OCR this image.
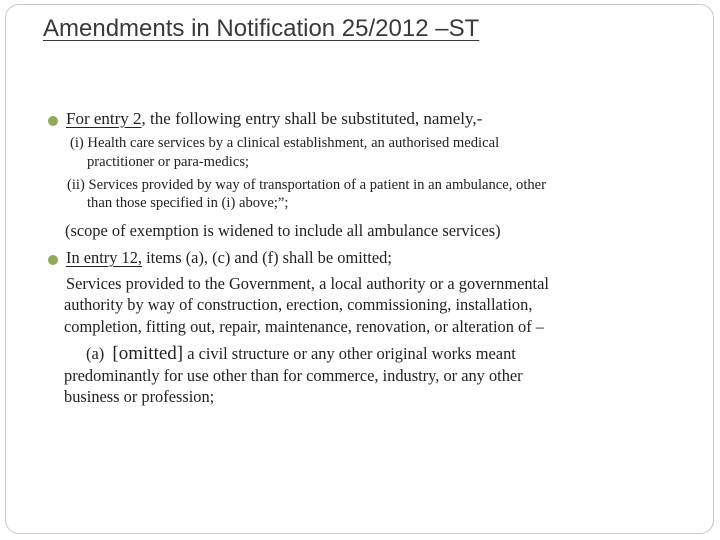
Amendments in Notification 25/2012 –ST
For entry 2, the following entry shall be substituted, namely,-
(i) Health care services by a clinical establishment, an authorised medical
practitioner or para-medics;
(ii) Services provided by way of transportation of a patient in an ambulance, other
than those specified in (i) above;”;
(scope of exemption is widened to include all ambulance services)
In entry 12, items (a), (c) and (f) shall be omitted;
Services provided to the Government, a local authority or a governmental
authority by way of construction, erection, commissioning, installation,
completion, fitting out, repair, maintenance, renovation, or alteration of –
(a) [omitted] a civil structure or any other original works meant
predominantly for use other than for commerce, industry, or any other
business or profession;
